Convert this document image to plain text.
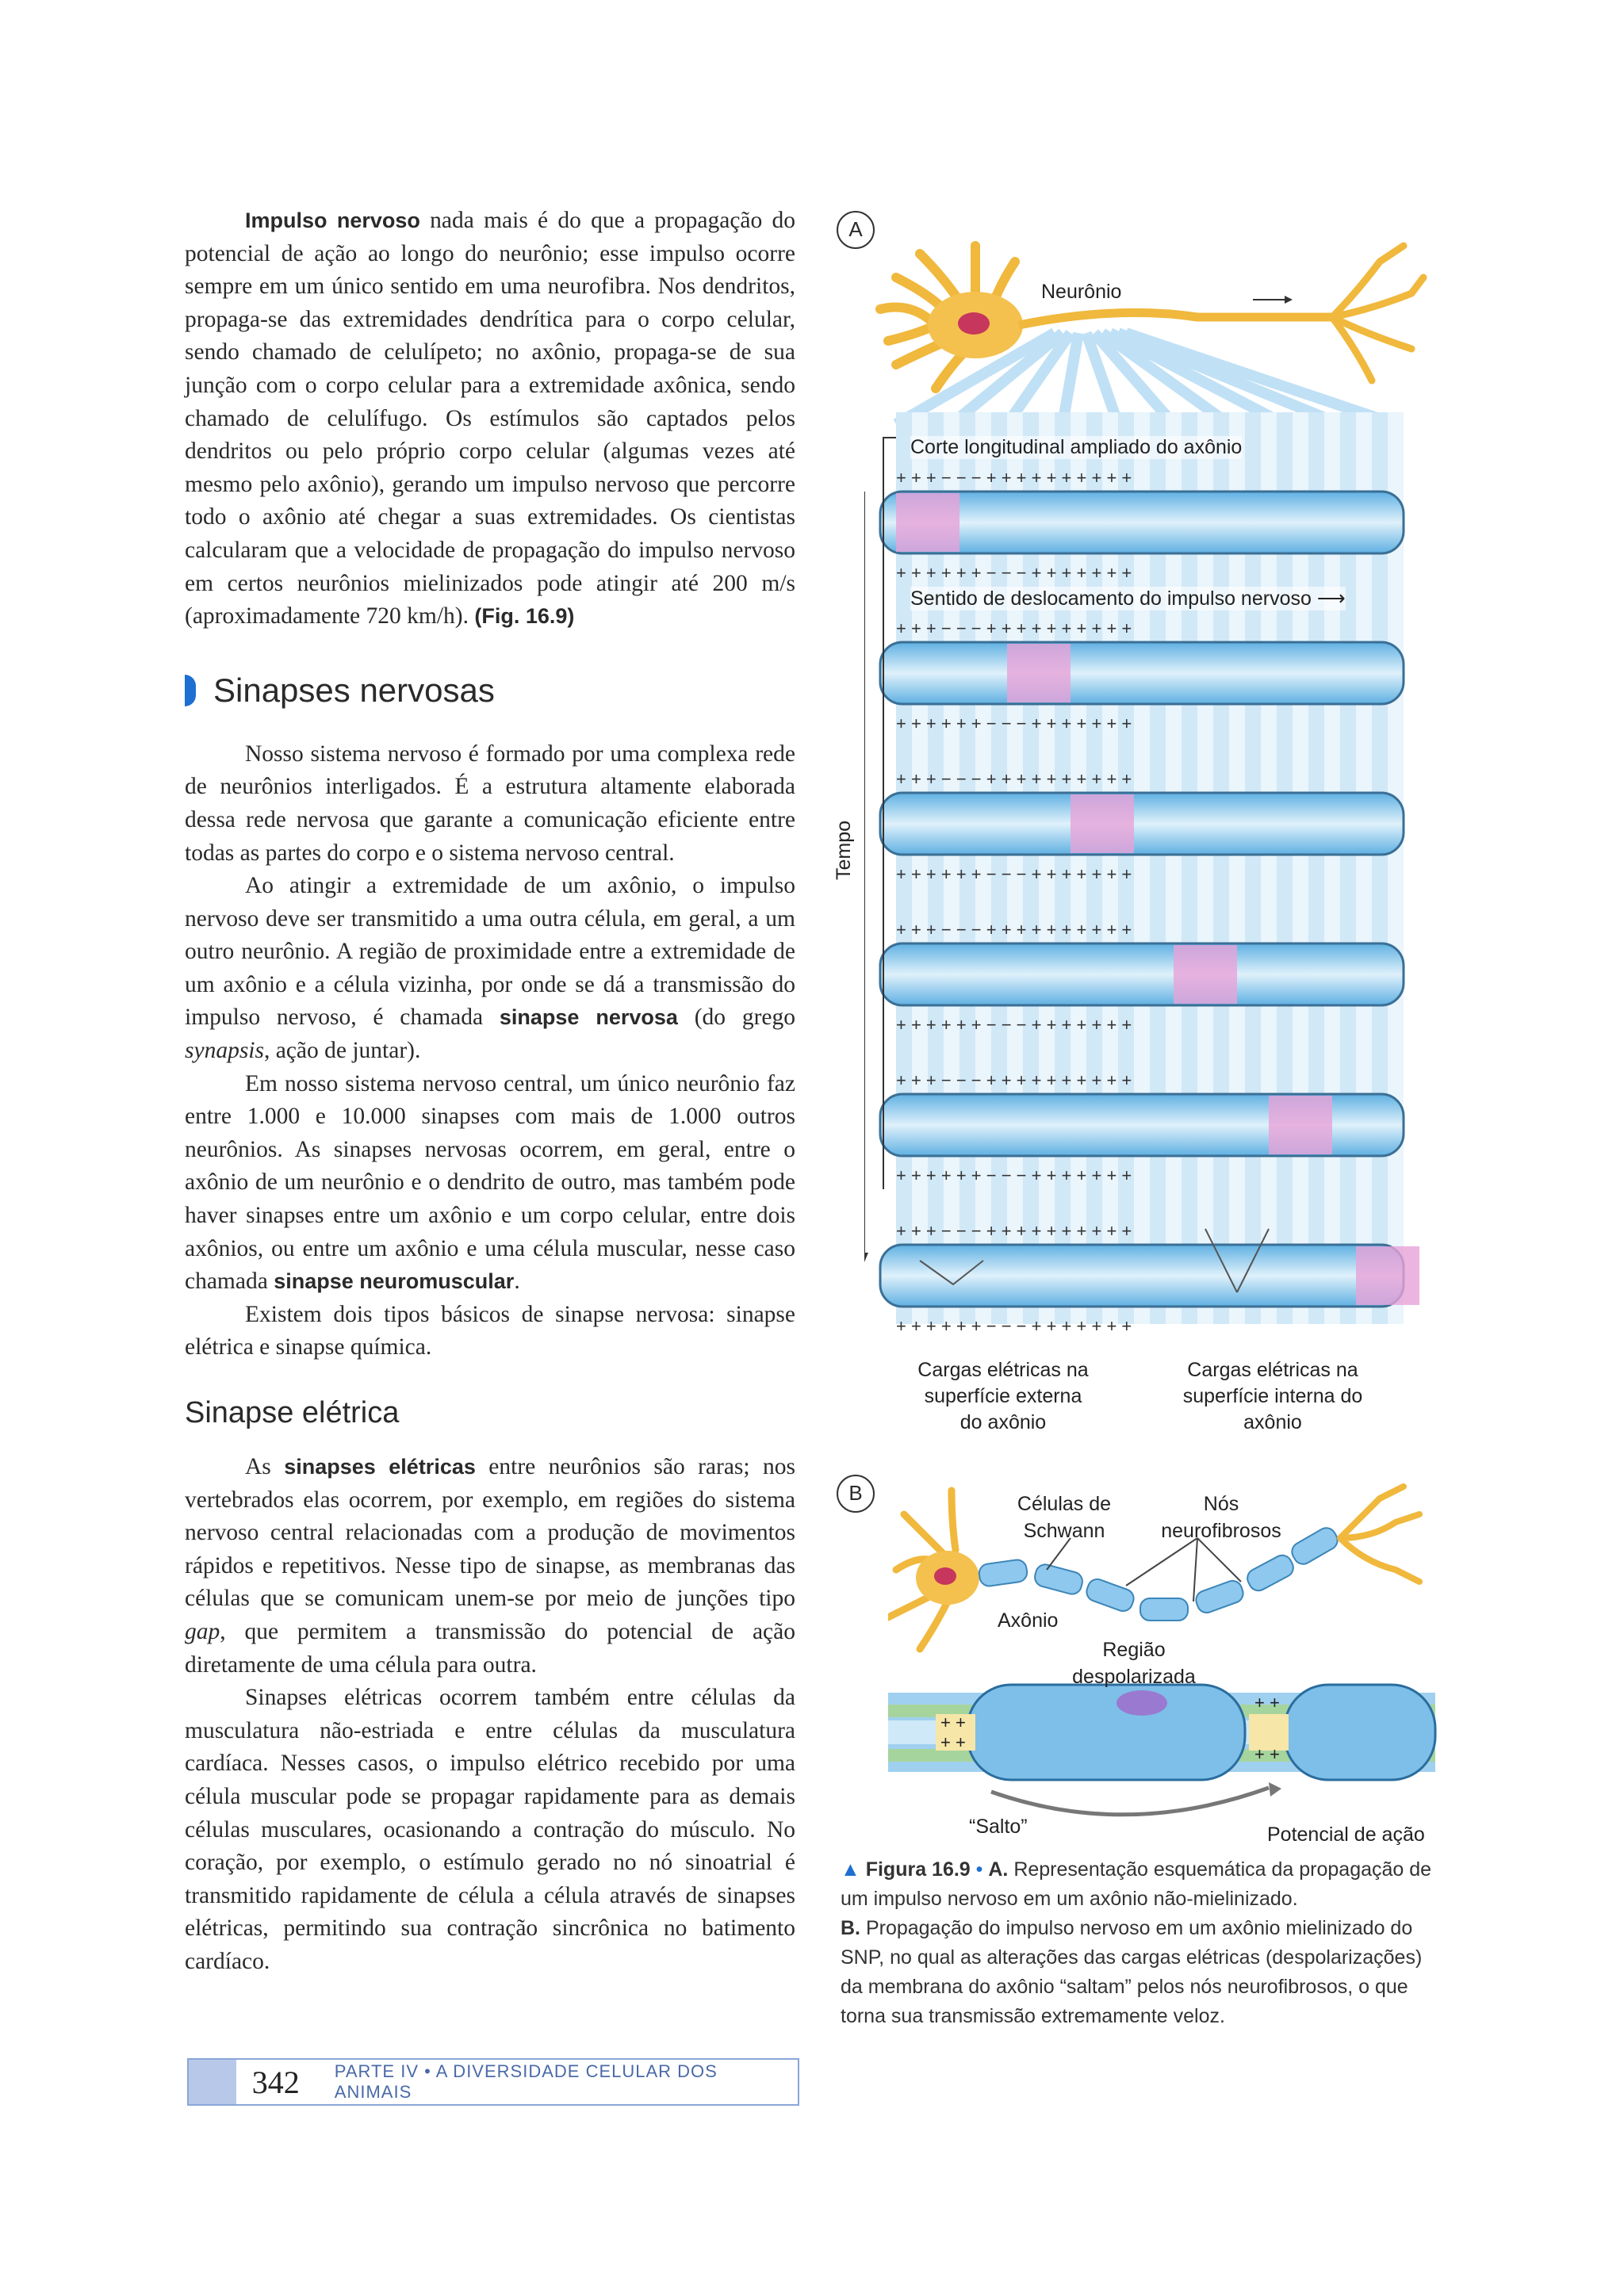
Impulso nervoso nada mais é do que a propagação do potencial de ação ao longo do neurônio; esse impulso ocorre sempre em um único sentido em uma neurofibra. Nos dendritos, propaga-se das extremidades dendrítica para o corpo celular, sendo chamado de celulípeto; no axônio, propaga-se de sua junção com o corpo celular para a extremidade axônica, sendo chamado de celulífugo. Os estímulos são captados pelos dendritos ou pelo próprio corpo celular (algumas vezes até mesmo pelo axônio), gerando um impulso nervoso que percorre todo o axônio até chegar a suas extremidades. Os cientistas calcularam que a velocidade de propagação do impulso nervoso em certos neurônios mielinizados pode atingir até 200 m/s (aproximadamente 720 km/h). (Fig. 16.9)

Sinapses nervosas

Nosso sistema nervoso é formado por uma complexa rede de neurônios interligados. É a estrutura altamente elaborada dessa rede nervosa que garante a comunicação eficiente entre todas as partes do corpo e o sistema nervoso central.

Ao atingir a extremidade de um axônio, o impulso nervoso deve ser transmitido a uma outra célula, em geral, a um outro neurônio. A região de proximidade entre a extremidade de um axônio e a célula vizinha, por onde se dá a transmissão do impulso nervoso, é chamada sinapse nervosa (do grego synapsis, ação de juntar).

Em nosso sistema nervoso central, um único neurônio faz entre 1.000 e 10.000 sinapses com mais de 1.000 outros neurônios. As sinapses nervosas ocorrem, em geral, entre o axônio de um neurônio e o dendrito de outro, mas também pode haver sinapses entre um axônio e um corpo celular, entre dois axônios, ou entre um axônio e uma célula muscular, nesse caso chamada sinapse neuromuscular.

Existem dois tipos básicos de sinapse nervosa: sinapse elétrica e sinapse química.

Sinapse elétrica

As sinapses elétricas entre neurônios são raras; nos vertebrados elas ocorrem, por exemplo, em regiões do sistema nervoso central relacionadas com a produção de movimentos rápidos e repetitivos. Nesse tipo de sinapse, as membranas das células que se comunicam unem-se por meio de junções tipo gap, que permitem a transmissão do potencial de ação diretamente de uma célula para outra.

Sinapses elétricas ocorrem também entre células da musculatura não-estriada e entre células da musculatura cardíaca. Nesses casos, o impulso elétrico recebido por uma célula muscular pode se propagar rapidamente para as demais células musculares, ocasionando a contração do músculo. No coração, por exemplo, o estímulo gerado no nó sinoatrial é transmitido rapidamente de célula a célula através de sinapses elétricas, permitindo sua contração sincrônica no batimento cardíaco.

A
+ + + − − − + + + + + + + + + +
+ + + + + + − − − + + + + + + +
+ + + − − − + + + + + + + + + +
+ + + + + + − − − + + + + + + +
+ + + − − − + + + + + + + + + +
+ + + + + + − − − + + + + + + +
+ + + − − − + + + + + + + + + +
+ + + + + + − − − + + + + + + +
+ + + − − − + + + + + + + + + +
+ + + + + + − − − + + + + + + +
+ + + − − − + + + + + + + + + +
+ + + + + + − − − + + + + + + +
Neurônio
Corte longitudinal ampliado do axônio
Sentido de deslocamento do impulso nervoso ⟶
Tempo
Cargas elétricas na
superfície externa
do axônio
Cargas elétricas na
superfície interna do
axônio
B
+ +
+ +
+ +
+ +
Células de
Schwann
Nós
neurofibrosos
Axônio
Região
despolarizada
“Salto”	Potencial de ação
▲ Figura 16.9 • A. Representação esquemática da propagação de um impulso nervoso em um axônio não-mielinizado.
B. Propagação do impulso nervoso em um axônio mielinizado do SNP, no qual as alterações das cargas elétricas (despolarizações) da membrana do axônio “saltam” pelos nós neurofibrosos, o que torna sua transmissão extremamente veloz.
342 PARTE IV • A DIVERSIDADE CELULAR DOS ANIMAIS
